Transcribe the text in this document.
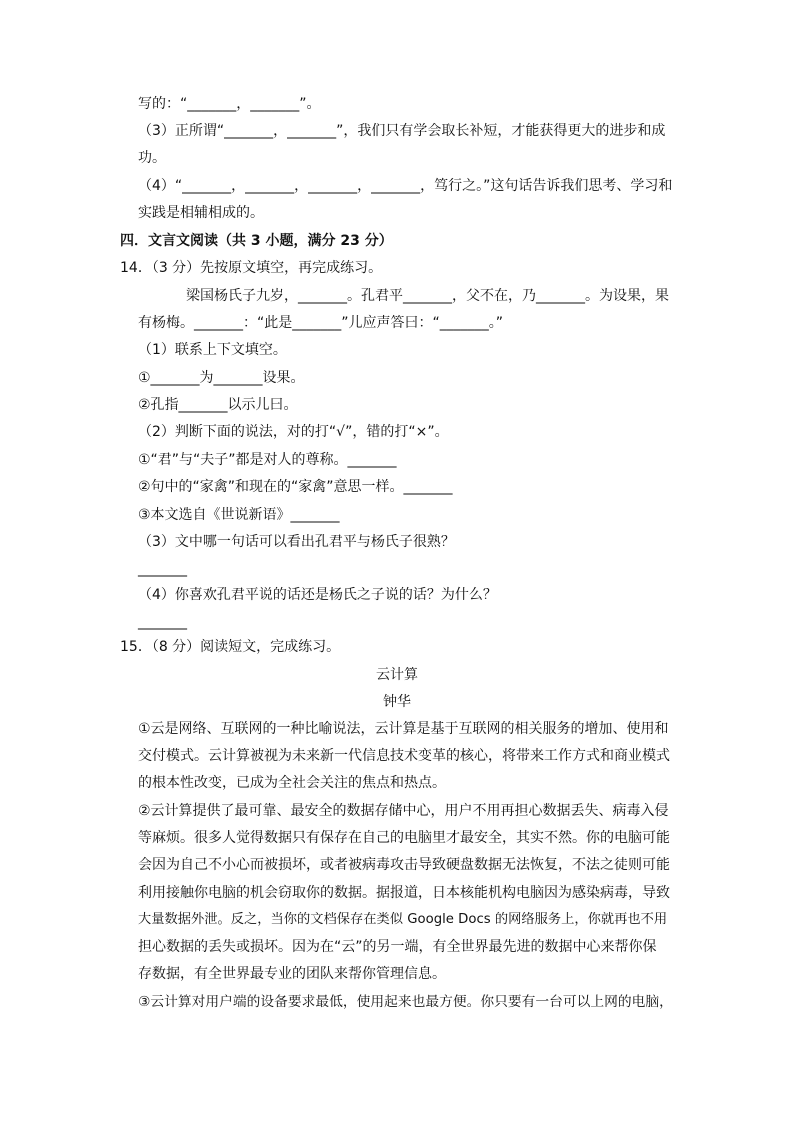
写的：“_______，_______”。
（3）正所谓“_______，_______”，我们只有学会取长补短，才能获得更大的进步和成
功。
（4）“_______，_______，_______，_______，笃行之。”这句话告诉我们思考、学习和
实践是相辅相成的。
四．文言文阅读（共 3 小题，满分 23 分）
14．（3 分）先按原文填空，再完成练习。
梁国杨氏子九岁，_______。孔君平_______，父不在，乃_______。为设果，果
有杨梅。_______：“此是_______”儿应声答曰：“_______。”
（1）联系上下文填空。
①_______为_______设果。
②孔指_______以示儿曰。
（2）判断下面的说法，对的打“√”，错的打“×”。
①“君”与“夫子”都是对人的尊称。_______
②句中的“家禽”和现在的“家禽”意思一样。_______
③本文选自《世说新语》_______
（3）文中哪一句话可以看出孔君平与杨氏子很熟？
_______
（4）你喜欢孔君平说的话还是杨氏之子说的话？为什么？
_______
15．（8 分）阅读短文，完成练习。
云计算
钟华
①云是网络、互联网的一种比喻说法，云计算是基于互联网的相关服务的增加、使用和
交付模式。云计算被视为未来新一代信息技术变革的核心，将带来工作方式和商业模式
的根本性改变，已成为全社会关注的焦点和热点。
②云计算提供了最可靠、最安全的数据存储中心，用户不用再担心数据丢失、病毒入侵
等麻烦。很多人觉得数据只有保存在自己的电脑里才最安全，其实不然。你的电脑可能
会因为自己不小心而被损坏，或者被病毒攻击导致硬盘数据无法恢复，不法之徒则可能
利用接触你电脑的机会窃取你的数据。据报道，日本核能机构电脑因为感染病毒，导致
大量数据外泄。反之，当你的文档保存在类似 Google Docs 的网络服务上，你就再也不用
担心数据的丢失或损坏。因为在“云”的另一端，有全世界最先进的数据中心来帮你保
存数据，有全世界最专业的团队来帮你管理信息。
③云计算对用户端的设备要求最低，使用起来也最方便。你只要有一台可以上网的电脑，
